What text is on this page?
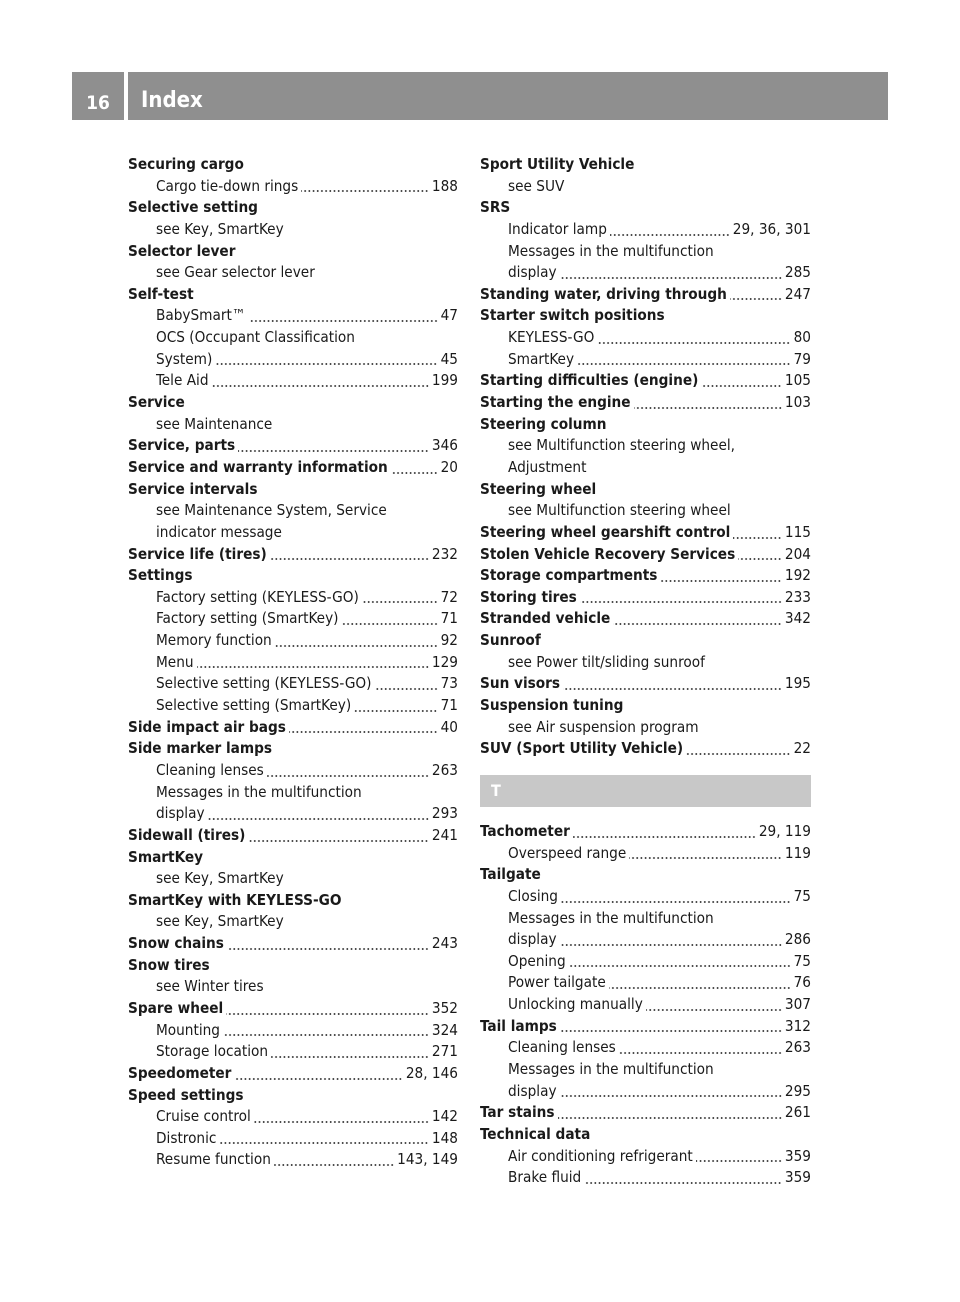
16	Index
Securing cargo
Cargo tie-down rings	188
Selective setting
see Key, SmartKey
Selector lever
see Gear selector lever
Self-test
BabySmart™	47
OCS (Occupant Classification
System)	45
Tele Aid	199
Service
see Maintenance
Service, parts	346
Service and warranty information	20
Service intervals
see Maintenance System, Service
indicator message
Service life (tires)	232
Settings
Factory setting (KEYLESS-GO)	72
Factory setting (SmartKey)	71
Memory function	92
Menu	129
Selective setting (KEYLESS-GO)	73
Selective setting (SmartKey)	71
Side impact air bags	40
Side marker lamps
Cleaning lenses	263
Messages in the multifunction
display	293
Sidewall (tires)	241
SmartKey
see Key, SmartKey
SmartKey with KEYLESS-GO
see Key, SmartKey
Snow chains	243
Snow tires
see Winter tires
Spare wheel	352
Mounting	324
Storage location	271
Speedometer	28, 146
Speed settings
Cruise control	142
Distronic	148
Resume function	143, 149
Sport Utility Vehicle
see SUV
SRS
Indicator lamp	29, 36, 301
Messages in the multifunction
display	285
Standing water, driving through	247
Starter switch positions
KEYLESS-GO	80
SmartKey	79
Starting difficulties (engine)	105
Starting the engine	103
Steering column
see Multifunction steering wheel,
Adjustment
Steering wheel
see Multifunction steering wheel
Steering wheel gearshift control	115
Stolen Vehicle Recovery Services	204
Storage compartments	192
Storing tires	233
Stranded vehicle	342
Sunroof
see Power tilt/sliding sunroof
Sun visors	195
Suspension tuning
see Air suspension program
SUV (Sport Utility Vehicle)	22
T
Tachometer	29, 119
Overspeed range	119
Tailgate
Closing	75
Messages in the multifunction
display	286
Opening	75
Power tailgate	76
Unlocking manually	307
Tail lamps	312
Cleaning lenses	263
Messages in the multifunction
display	295
Tar stains	261
Technical data
Air conditioning refrigerant	359
Brake fluid	359
